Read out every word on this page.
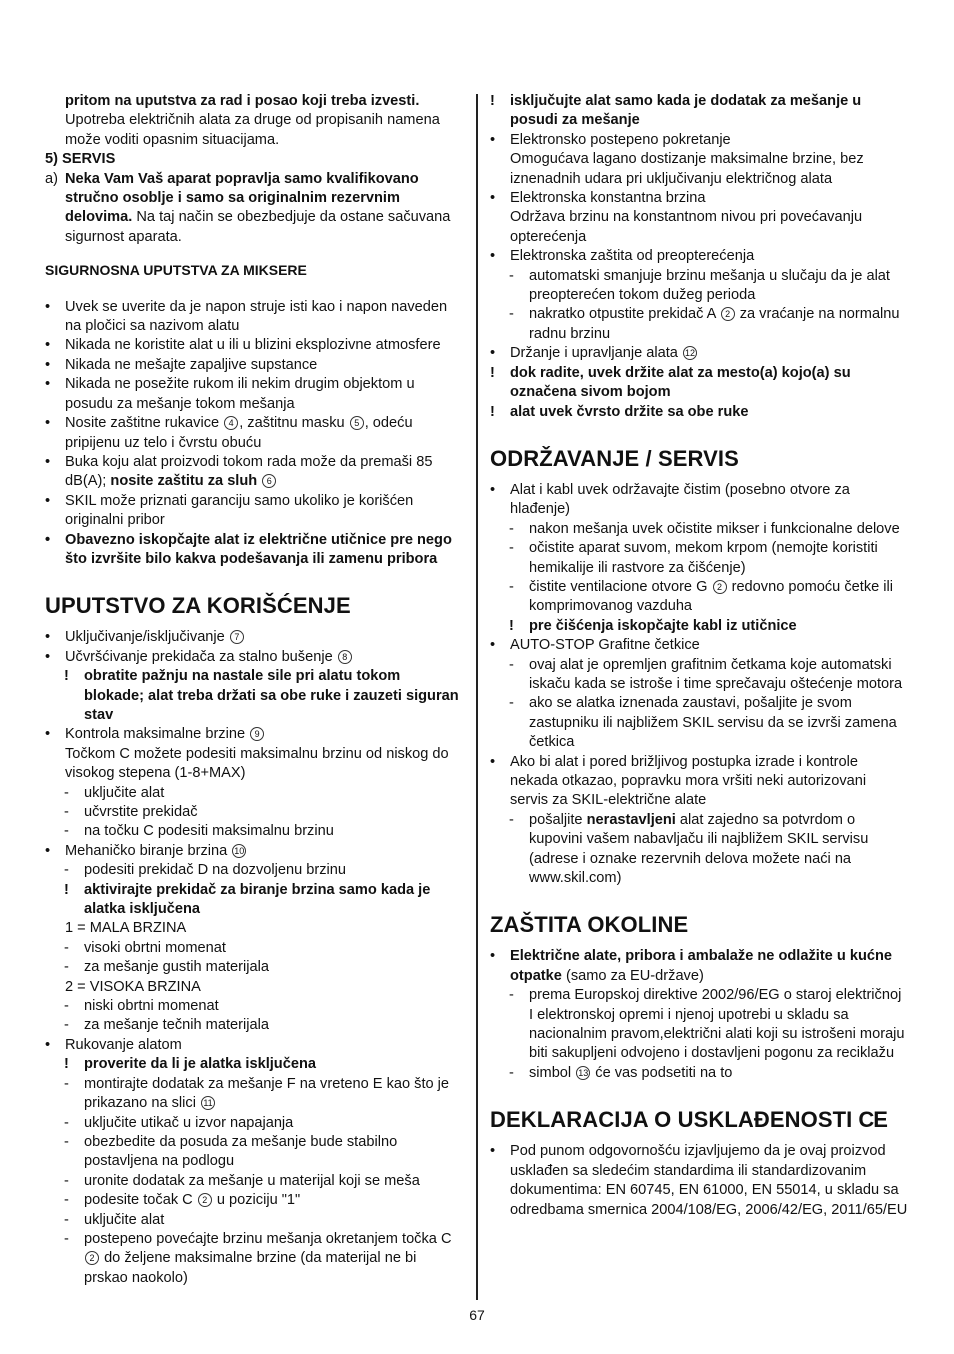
pritom na uputstva za rad i posao koji treba izvesti. Upotreba električnih alata za druge od propisanih namena može voditi opasnim situacijama.

5) SERVIS

a) Neka Vam Vaš aparat popravlja samo kvalifikovano stručno osoblje i samo sa originalnim rezervnim delovima. Na taj način se obezbedjuje da ostane sačuvana sigurnost aparata.

SIGURNOSNA UPUTSTVA ZA MIKSERE

• Uvek se uverite da je napon struje isti kao i napon naveden na pločici sa nazivom alatu
• Nikada ne koristite alat u ili u blizini eksplozivne atmosfere
• Nikada ne mešajte zapaljive supstance
• Nikada ne posežite rukom ili nekim drugim objektom u posudu za mešanje tokom mešanja
• Nosite zaštitne rukavice 4 , zaštitnu masku 5 , odeću pripijenu uz telo i čvrstu obuću
• Buka koju alat proizvodi tokom rada može da premaši 85 dB(A); nosite zaštitu za sluh 6
• SKIL može priznati garanciju samo ukoliko je korišćen originalni pribor
• Obavezno iskopčajte alat iz električne utičnice pre nego što izvršite bilo kakva podešavanja ili zamenu pribora
UPUTSTVO ZA KORIŠĆENJE
• Uključivanje/isključivanje 7
• Učvršćivanje prekidača za stalno bušenje 8
! obratite pažnju na nastale sile pri alatu tokom blokade; alat treba držati sa obe ruke i zauzeti siguran stav
• Kontrola maksimalne brzine 9

Točkom C možete podesiti maksimalnu brzinu od niskog do visokog stepena (1-8+MAX)

- uključite alat
- učvrstite prekidač
- na točku C podesiti maksimalnu brzinu
• Mehaničko biranje brzina 10
- podesiti prekidač D na dozvoljenu brzinu
! aktivirajte prekidač za biranje brzina samo kada je alatka isključena

1 = MALA BRZINA

- visoki obrtni momenat
- za mešanje gustih materijala

2 = VISOKA BRZINA

- niski obrtni momenat
- za mešanje tečnih materijala
• Rukovanje alatom
! proverite da li je alatka isključena
- montirajte dodatak za mešanje F na vreteno E kao što je prikazano na slici 11
- uključite utikač u izvor napajanja
- obezbedite da posuda za mešanje bude stabilno postavljena na podlogu
- uronite dodatak za mešanje u materijal koji se meša
- podesite točak C 2 u poziciju "1"
- uključite alat
- postepeno povećajte brzinu mešanja okretanjem točka C 2 do željene maksimalne brzine (da materijal ne bi prskao naokolo)
! isključujte alat samo kada je dodatak za mešanje u posudi za mešanje
• Elektronsko postepeno pokretanje

Omogućava lagano dostizanje maksimalne brzine, bez iznenadnih udara pri uključivanju električnog alata

• Elektronska konstantna brzina

Održava brzinu na konstantnom nivou pri povećavanju opterećenja

• Elektronska zaštita od preopterećenja
- automatski smanjuje brzinu mešanja u slučaju da je alat preopterećen tokom dužeg perioda
- nakratko otpustite prekidač A 2 za vraćanje na normalnu radnu brzinu
• Držanje i upravljanje alata 12
! dok radite, uvek držite alat za mesto(a) kojo(a) su označena sivom bojom
! alat uvek čvrsto držite sa obe ruke
ODRŽAVANJE / SERVIS
• Alat i kabl uvek održavajte čistim (posebno otvore za hlađenje)
- nakon mešanja uvek očistite mikser i funkcionalne delove
- očistite aparat suvom, mekom krpom (nemojte koristiti hemikalije ili rastvore za čišćenje)
- čistite ventilacione otvore G 2 redovno pomoću četke ili komprimovanog vazduha
! pre čišćenja iskopčajte kabl iz utičnice
• AUTO-STOP Grafitne četkice
- ovaj alat je opremljen grafitnim četkama koje automatski iskaču kada se istroše i time sprečavaju oštećenje motora
- ako se alatka iznenada zaustavi, pošaljite je svom zastupniku ili najbližem SKIL servisu da se izvrši zamena četkica
• Ako bi alat i pored brižljivog postupka izrade i kontrole nekada otkazao, popravku mora vršiti neki autorizovani servis za SKIL-električne alate
- pošaljite nerastavljeni alat zajedno sa potvrdom o kupovini vašem nabavljaču ili najbližem SKIL servisu (adrese i oznake rezervnih delova možete naći na www.skil.com)
ZAŠTITA OKOLINE
• Električne alate, pribora i ambalaže ne odlažite u kućne otpatke (samo za EU-države)
- prema Europskoj direktive 2002/96/EG o staroj električnoj I elektronskoj opremi i njenoj upotrebi u skladu sa nacionalnim pravom,električni alati koji su istrošeni moraju biti sakupljeni odvojeno i dostavljeni pogonu za reciklažu
- simbol 13 će vas podsetiti na to
DEKLARACIJA O USKLAĐENOSTI CE
• Pod punom odgovornošću izjavljujemo da je ovaj proizvod usklađen sa sledećim standardima ili standardizovanim dokumentima: EN 60745, EN 61000, EN 55014, u skladu sa odredbama smernica 2004/108/EG, 2006/42/EG, 2011/65/EU
67
